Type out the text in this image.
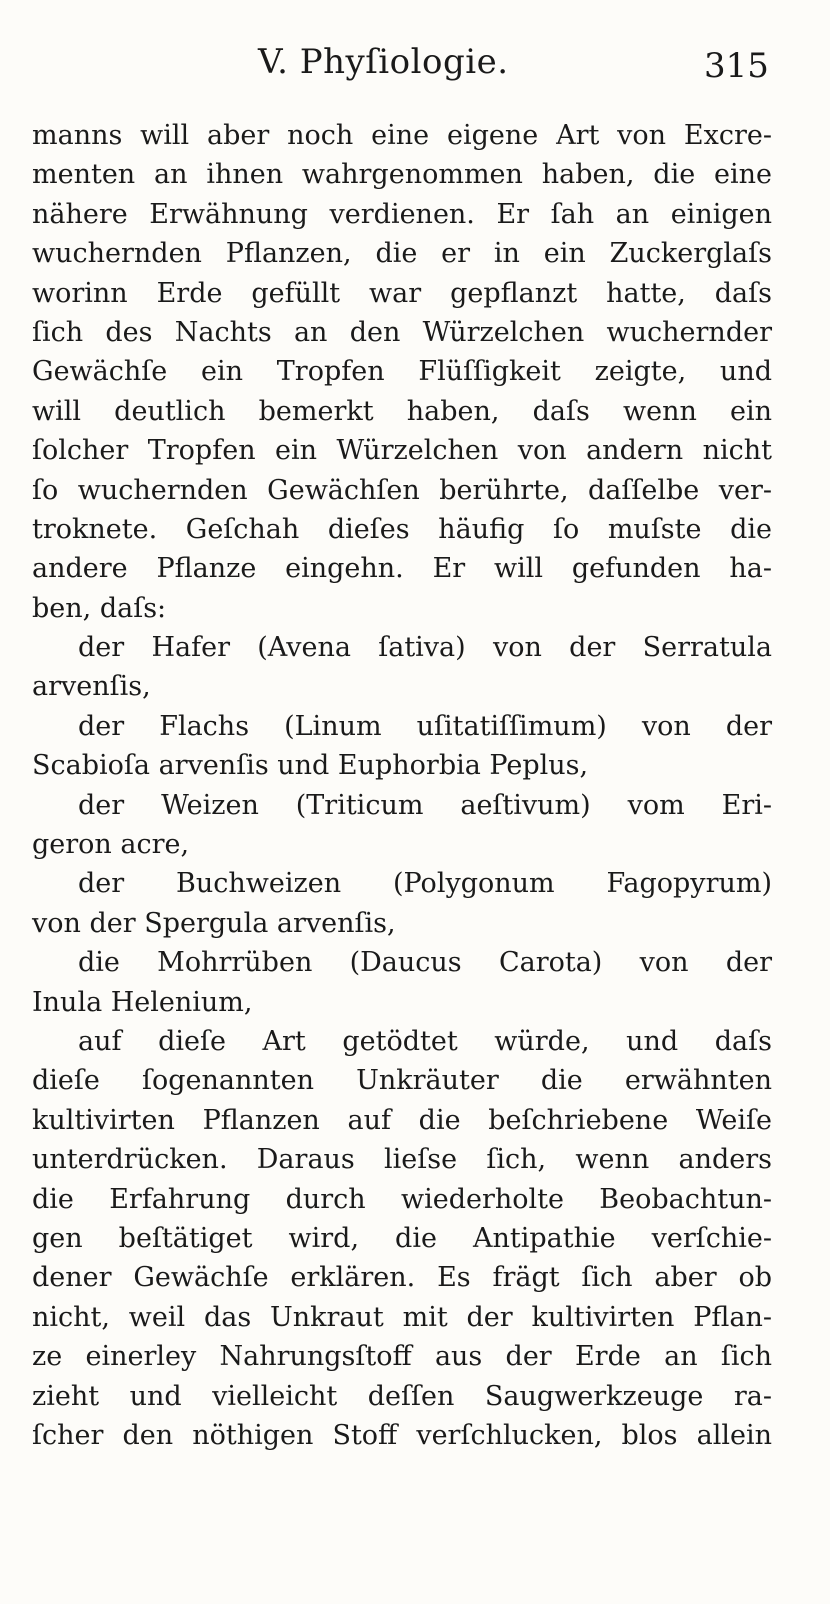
V. Phyſiologie.	315
manns will aber noch eine eigene Art von Excre-
menten an ihnen wahrgenommen haben, die eine
nähere Erwähnung verdienen. Er ſah an einigen
wuchernden Pflanzen, die er in ein Zuckerglaſs
worinn Erde gefüllt war gepflanzt hatte, daſs
ſich des Nachts an den Würzelchen wuchernder
Gewächſe ein Tropfen Flüſſigkeit zeigte, und
will deutlich bemerkt haben, daſs wenn ein
ſolcher Tropfen ein Würzelchen von andern nicht
ſo wuchernden Gewächſen berührte, daſſelbe ver-
troknete. Geſchah dieſes häufig ſo muſste die
andere Pflanze eingehn. Er will gefunden ha-
ben, daſs:
der Hafer (Avena ſativa) von der Serratula
arvenſis,
der Flachs (Linum uſitatiſſimum) von der
Scabioſa arvenſis und Euphorbia Peplus,
der Weizen (Triticum aeſtivum) vom Eri-
geron acre,
der Buchweizen (Polygonum Fagopyrum)
von der Spergula arvenſis,
die Mohrrüben (Daucus Carota) von der
Inula Helenium,
auf dieſe Art getödtet würde, und daſs
dieſe ſogenannten Unkräuter die erwähnten
kultivirten Pflanzen auf die beſchriebene Weiſe
unterdrücken. Daraus lieſse ſich, wenn anders
die Erfahrung durch wiederholte Beobachtun-
gen beſtätiget wird, die Antipathie verſchie-
dener Gewächſe erklären. Es frägt ſich aber ob
nicht, weil das Unkraut mit der kultivirten Pflan-
ze einerley Nahrungsſtoff aus der Erde an ſich
zieht und vielleicht deſſen Saugwerkzeuge ra-
ſcher den nöthigen Stoff verſchlucken, blos allein
